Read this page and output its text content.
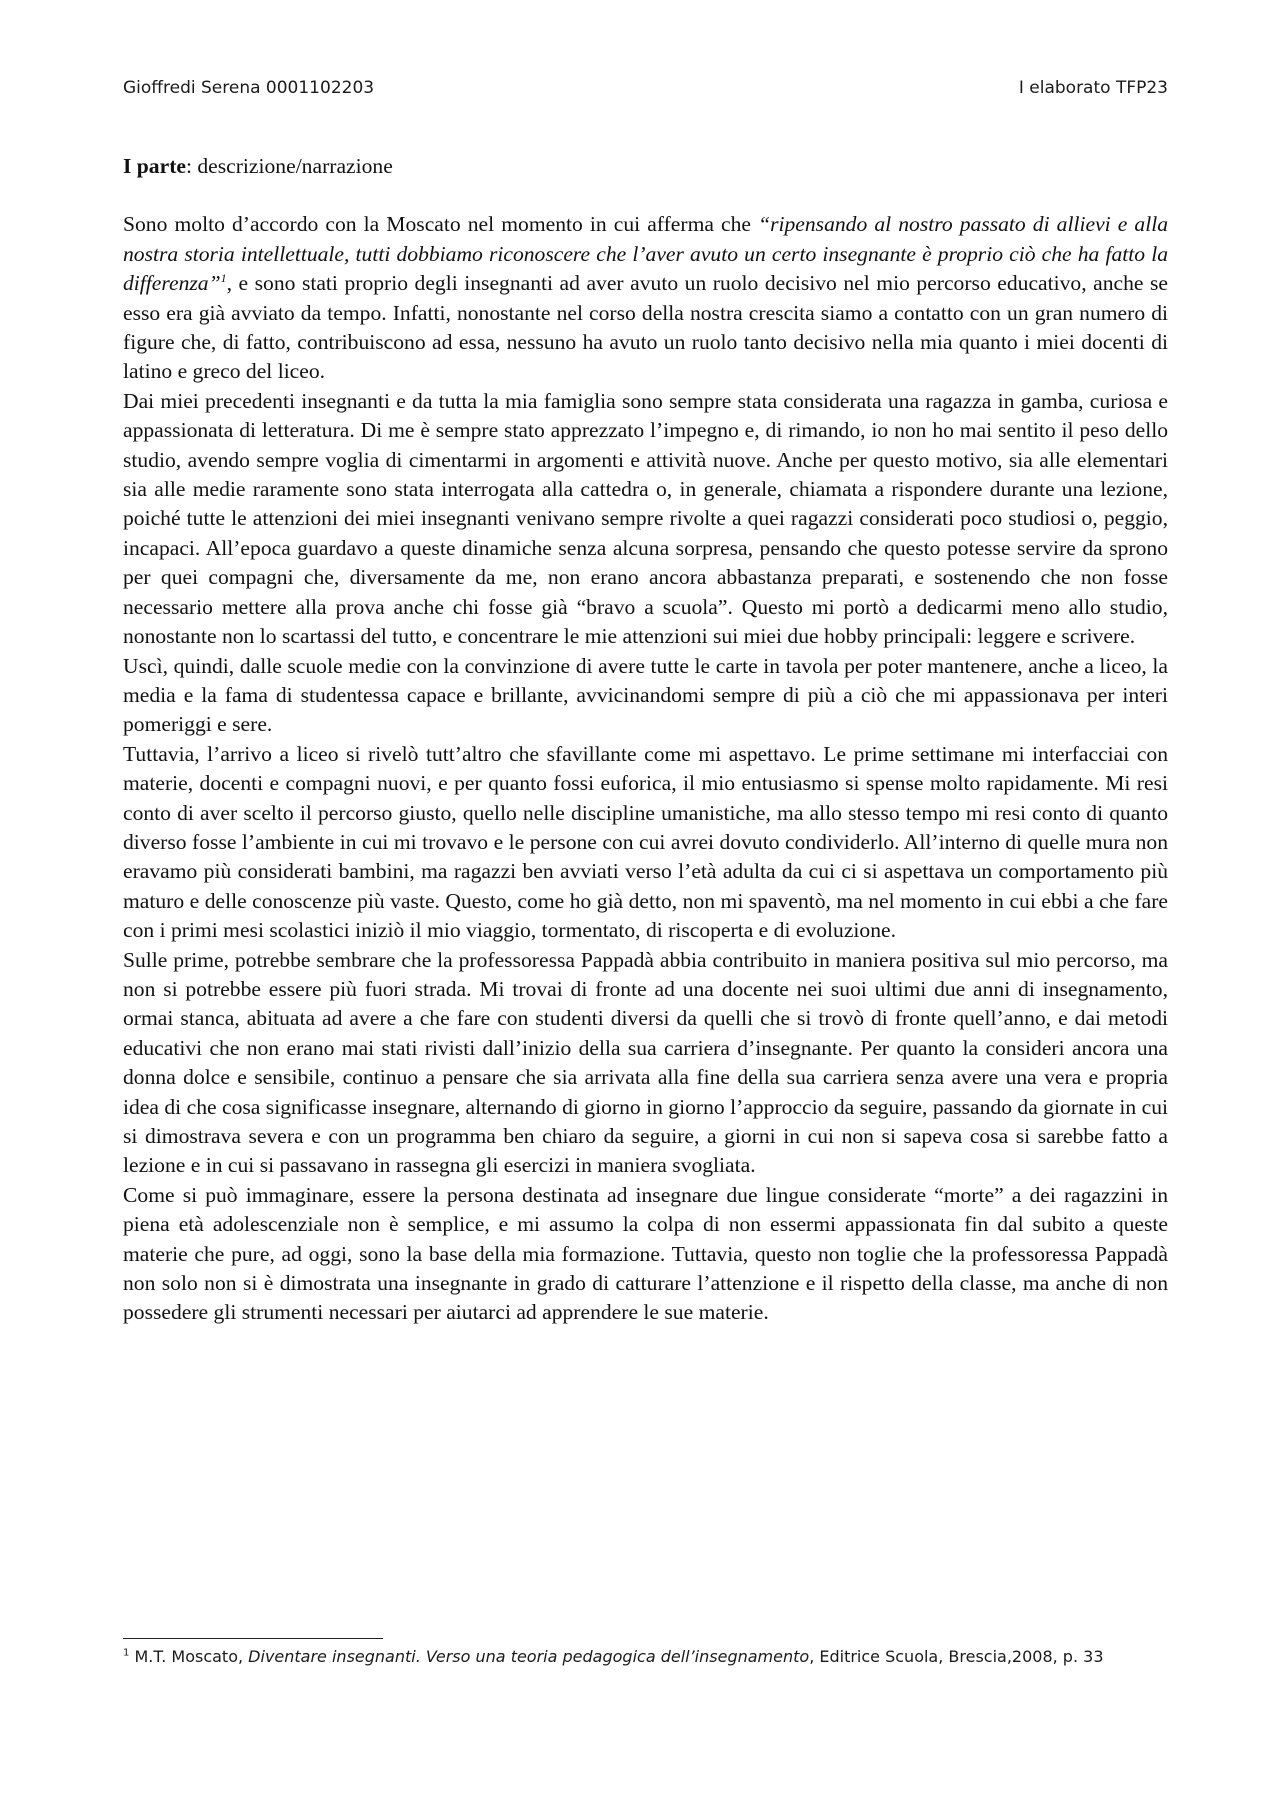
Gioffredi Serena 0001102203	I elaborato TFP23
I parte: descrizione/narrazione

Sono molto d’accordo con la Moscato nel momento in cui afferma che “ripensando al nostro passato di allievi e alla nostra storia intellettuale, tutti dobbiamo riconoscere che l’aver avuto un certo insegnante è proprio ciò che ha fatto la differenza”$^1$, e sono stati proprio degli insegnanti ad aver avuto un ruolo decisivo nel mio percorso educativo, anche se esso era già avviato da tempo. Infatti, nonostante nel corso della nostra crescita siamo a contatto con un gran numero di figure che, di fatto, contribuiscono ad essa, nessuno ha avuto un ruolo tanto decisivo nella mia quanto i miei docenti di latino e greco del liceo.

Dai miei precedenti insegnanti e da tutta la mia famiglia sono sempre stata considerata una ragazza in gamba, curiosa e appassionata di letteratura. Di me è sempre stato apprezzato l’impegno e, di rimando, io non ho mai sentito il peso dello studio, avendo sempre voglia di cimentarmi in argomenti e attività nuove. Anche per questo motivo, sia alle elementari sia alle medie raramente sono stata interrogata alla cattedra o, in generale, chiamata a rispondere durante una lezione, poiché tutte le attenzioni dei miei insegnanti venivano sempre rivolte a quei ragazzi considerati poco studiosi o, peggio, incapaci. All’epoca guardavo a queste dinamiche senza alcuna sorpresa, pensando che questo potesse servire da sprono per quei compagni che, diversamente da me, non erano ancora abbastanza preparati, e sostenendo che non fosse necessario mettere alla prova anche chi fosse già “bravo a scuola”. Questo mi portò a dedicarmi meno allo studio, nonostante non lo scartassi del tutto, e concentrare le mie attenzioni sui miei due hobby principali: leggere e scrivere.

Uscì, quindi, dalle scuole medie con la convinzione di avere tutte le carte in tavola per poter mantenere, anche a liceo, la media e la fama di studentessa capace e brillante, avvicinandomi sempre di più a ciò che mi appassionava per interi pomeriggi e sere.

Tuttavia, l’arrivo a liceo si rivelò tutt’altro che sfavillante come mi aspettavo. Le prime settimane mi interfacciai con materie, docenti e compagni nuovi, e per quanto fossi euforica, il mio entusiasmo si spense molto rapidamente. Mi resi conto di aver scelto il percorso giusto, quello nelle discipline umanistiche, ma allo stesso tempo mi resi conto di quanto diverso fosse l’ambiente in cui mi trovavo e le persone con cui avrei dovuto condividerlo. All’interno di quelle mura non eravamo più considerati bambini, ma ragazzi ben avviati verso l’età adulta da cui ci si aspettava un comportamento più maturo e delle conoscenze più vaste. Questo, come ho già detto, non mi spaventò, ma nel momento in cui ebbi a che fare con i primi mesi scolastici iniziò il mio viaggio, tormentato, di riscoperta e di evoluzione.

Sulle prime, potrebbe sembrare che la professoressa Pappadà abbia contribuito in maniera positiva sul mio percorso, ma non si potrebbe essere più fuori strada. Mi trovai di fronte ad una docente nei suoi ultimi due anni di insegnamento, ormai stanca, abituata ad avere a che fare con studenti diversi da quelli che si trovò di fronte quell’anno, e dai metodi educativi che non erano mai stati rivisti dall’inizio della sua carriera d’insegnante. Per quanto la consideri ancora una donna dolce e sensibile, continuo a pensare che sia arrivata alla fine della sua carriera senza avere una vera e propria idea di che cosa significasse insegnare, alternando di giorno in giorno l’approccio da seguire, passando da giornate in cui si dimostrava severa e con un programma ben chiaro da seguire, a giorni in cui non si sapeva cosa si sarebbe fatto a lezione e in cui si passavano in rassegna gli esercizi in maniera svogliata.

Come si può immaginare, essere la persona destinata ad insegnare due lingue considerate “morte” a dei ragazzini in piena età adolescenziale non è semplice, e mi assumo la colpa di non essermi appassionata fin dal subito a queste materie che pure, ad oggi, sono la base della mia formazione. Tuttavia, questo non toglie che la professoressa Pappadà non solo non si è dimostrata una insegnante in grado di catturare l’attenzione e il rispetto della classe, ma anche di non possedere gli strumenti necessari per aiutarci ad apprendere le sue materie.

$^1$ M.T. Moscato, Diventare insegnanti. Verso una teoria pedagogica dell’insegnamento, Editrice Scuola, Brescia,2008, p. 33
